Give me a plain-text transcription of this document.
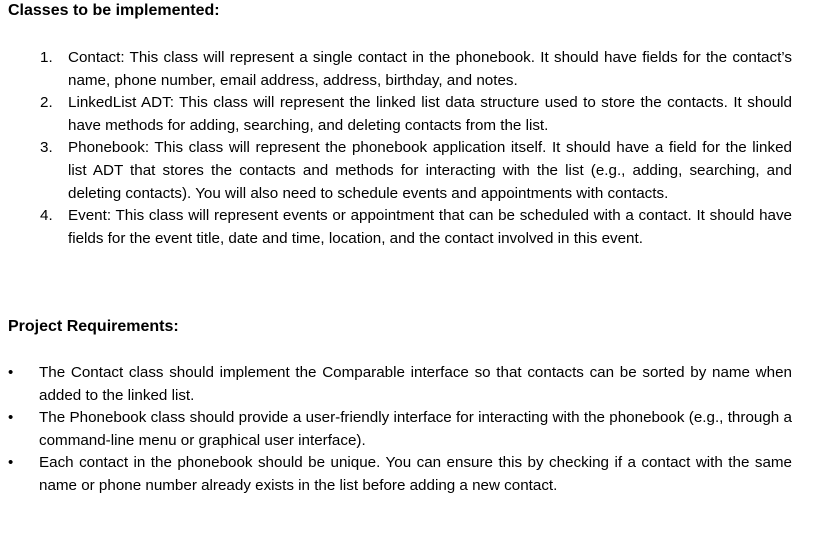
Classes to be implemented:
1. Contact: This class will represent a single contact in the phonebook. It should have fields for the contact’s name, phone number, email address, address, birthday, and notes.
2. LinkedList ADT: This class will represent the linked list data structure used to store the contacts. It should have methods for adding, searching, and deleting contacts from the list.
3. Phonebook: This class will represent the phonebook application itself. It should have a field for the linked list ADT that stores the contacts and methods for interacting with the list (e.g., adding, searching, and deleting contacts). You will also need to schedule events and appointments with contacts.
4. Event: This class will represent events or appointment that can be scheduled with a contact. It should have fields for the event title, date and time, location, and the contact involved in this event.
Project Requirements:
• The Contact class should implement the Comparable interface so that contacts can be sorted by name when added to the linked list.
• The Phonebook class should provide a user-friendly interface for interacting with the phonebook (e.g., through a command-line menu or graphical user interface).
• Each contact in the phonebook should be unique. You can ensure this by checking if a contact with the same name or phone number already exists in the list before adding a new contact.
